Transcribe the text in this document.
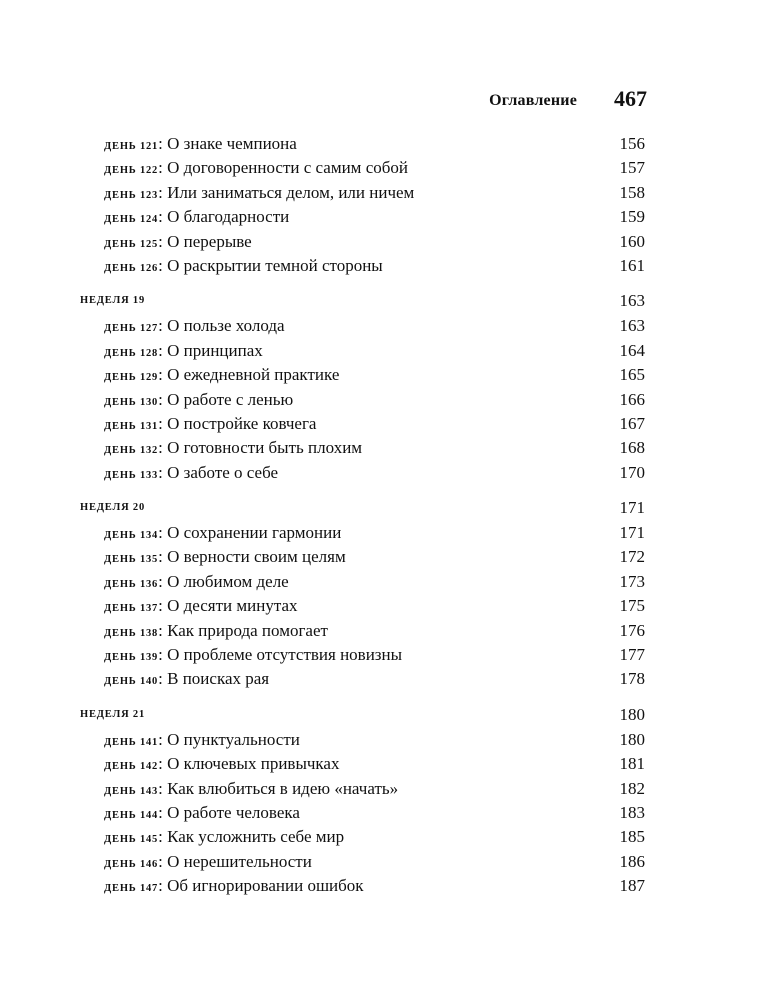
Оглавление 467
ДЕНЬ 121: О знаке чемпиона	156
ДЕНЬ 122: О договоренности с самим собой	157
ДЕНЬ 123: Или заниматься делом, или ничем	158
ДЕНЬ 124: О благодарности	159
ДЕНЬ 125: О перерыве	160
ДЕНЬ 126: О раскрытии темной стороны	161
НЕДЕЛЯ 19	163
ДЕНЬ 127: О пользе холода	163
ДЕНЬ 128: О принципах	164
ДЕНЬ 129: О ежедневной практике	165
ДЕНЬ 130: О работе с ленью	166
ДЕНЬ 131: О постройке ковчега	167
ДЕНЬ 132: О готовности быть плохим	168
ДЕНЬ 133: О заботе о себе	170
НЕДЕЛЯ 20	171
ДЕНЬ 134: О сохранении гармонии	171
ДЕНЬ 135: О верности своим целям	172
ДЕНЬ 136: О любимом деле	173
ДЕНЬ 137: О десяти минутах	175
ДЕНЬ 138: Как природа помогает	176
ДЕНЬ 139: О проблеме отсутствия новизны	177
ДЕНЬ 140: В поисках рая	178
НЕДЕЛЯ 21	180
ДЕНЬ 141: О пунктуальности	180
ДЕНЬ 142: О ключевых привычках	181
ДЕНЬ 143: Как влюбиться в идею «начать»	182
ДЕНЬ 144: О работе человека	183
ДЕНЬ 145: Как усложнить себе мир	185
ДЕНЬ 146: О нерешительности	186
ДЕНЬ 147: Об игнорировании ошибок	187
